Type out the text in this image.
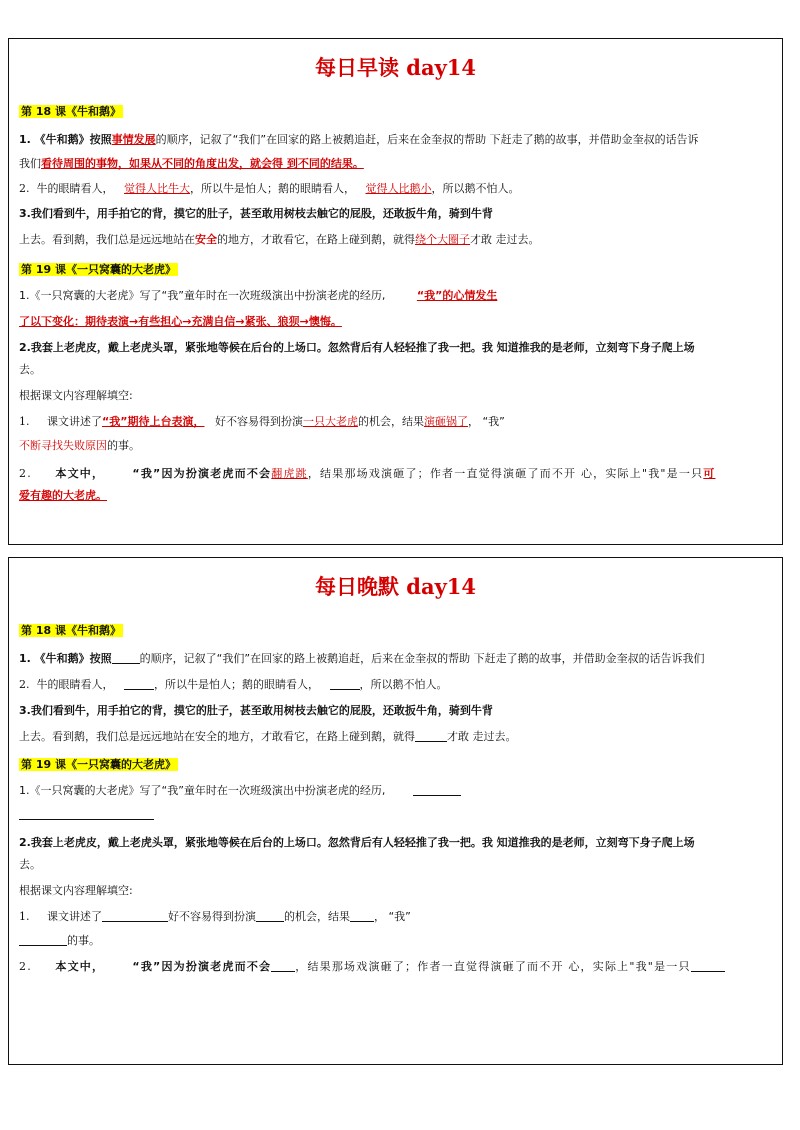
每日早读 day14
第 18 课《牛和鹅》
1. 《牛和鹅》按照事情发展的顺序，记叙了“我们”在回家的路上被鹅追赶，后来在金奎叔的帮助 下赶走了鹅的故事，并借助金奎叔的话告诉
我们看待周围的事物，如果从不同的角度出发，就会得 到不同的结果。
2. 牛的眼睛看人， 觉得人比牛大，所以牛是怕人；鹅的眼睛看人， 觉得人比鹅小，所以鹅不怕人。
3.我们看到牛，用手拍它的背，摸它的肚子，甚至敢用树枝去触它的屁股，还敢扳牛角，骑到牛背
上去。看到鹅，我们总是远远地站在安全的地方，才敢看它，在路上碰到鹅，就得绕个大圈子才敢 走过去。
第 19 课《一只窝囊的大老虎》
1.《一只窝囊的大老虎》写了“我”童年时在一次班级演出中扮演老虎的经历,	“我”的心情发生
了以下变化：期待表演→有些担心→充满自信→紧张、狼狈→懊悔。
2.我套上老虎皮，戴上老虎头罩，紧张地等候在后台的上场口。忽然背后有人轻轻推了我一把。我 知道推我的是老师，立刻弯下身子爬上场
去。
根据课文内容理解填空:
1. 课文讲述了“我”期待上台表演， 好不容易得到扮演一只大老虎的机会，结果演砸锅了， “我”
不断寻找失败原因的事。
2. 本文中，	“我”因为扮演老虎而不会翻虎跳，结果那场戏演砸了；作者一直觉得演砸了而不开 心，实际上"我"是一只可
爱有趣的大老虎。
每日晚默 day14
第 18 课《牛和鹅》
1. 《牛和鹅》按照	的顺序，记叙了“我们”在回家的路上被鹅追赶，后来在金奎叔的帮助 下赶走了鹅的故事，并借助金奎叔的话告诉我们
2. 牛的眼睛看人，	，所以牛是怕人；鹅的眼睛看人，	，所以鹅不怕人。
3.我们看到牛，用手拍它的背，摸它的肚子，甚至敢用树枝去触它的屁股，还敢扳牛角，骑到牛背
上去。看到鹅，我们总是远远地站在安全的地方，才敢看它，在路上碰到鹅，就得	才敢 走过去。
第 19 课《一只窝囊的大老虎》
1.《一只窝囊的大老虎》写了“我”童年时在一次班级演出中扮演老虎的经历,
2.我套上老虎皮，戴上老虎头罩，紧张地等候在后台的上场口。忽然背后有人轻轻推了我一把。我 知道推我的是老师，立刻弯下身子爬上场
去。
根据课文内容理解填空:
1. 课文讲述了	好不容易得到扮演	的机会，结果 ， “我”
的事。
2. 本文中，	“我”因为扮演老虎而不会 ，结果那场戏演砸了；作者一直觉得演砸了而不开 心，实际上"我"是一只
